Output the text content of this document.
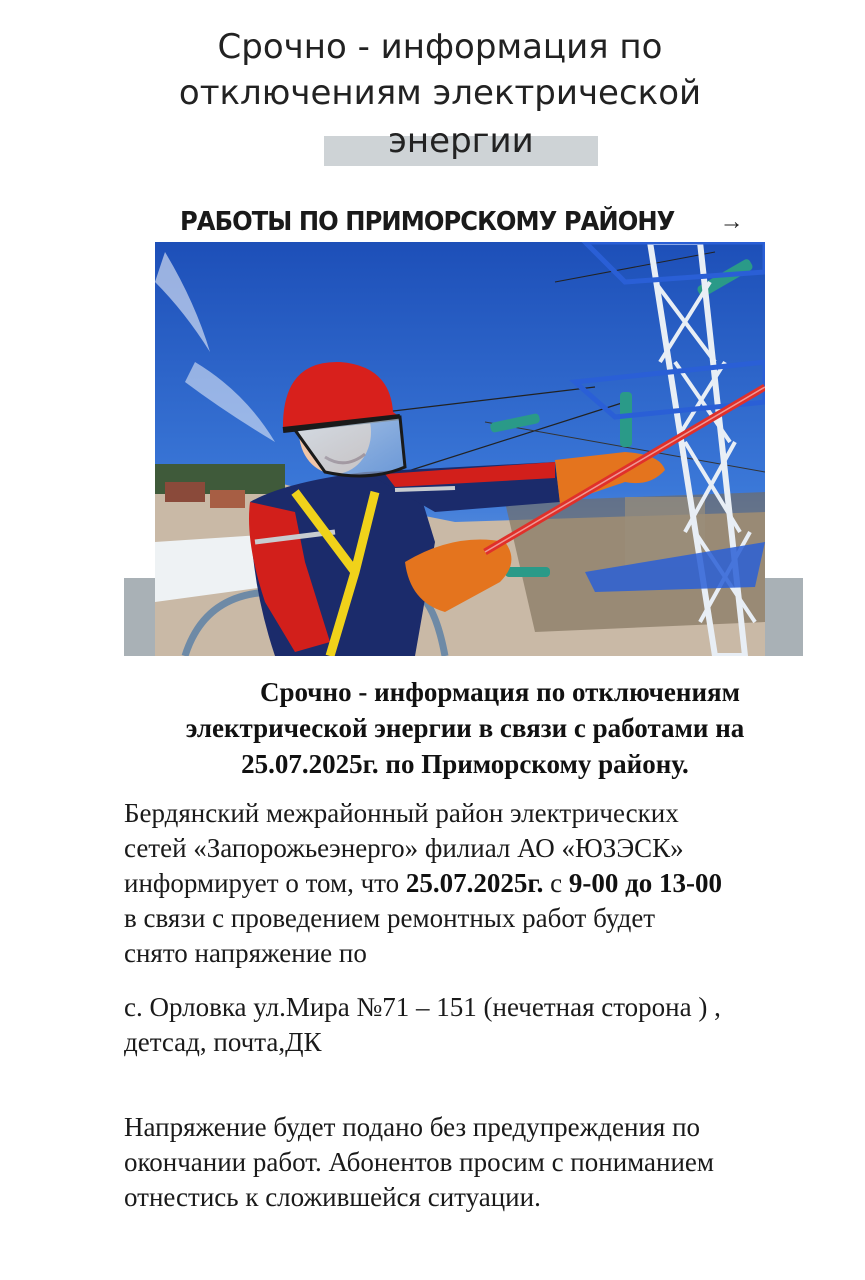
Срочно - информация по
отключениям электрической
энергии
РАБОТЫ ПО ПРИМОРСКОМУ РАЙОНУ →
Срочно - информация по отключениям
электрической энергии в связи с работами на
25.07.2025г. по Приморскому району.
Бердянский межрайонный район электрических
сетей «Запорожьеэнерго» филиал АО «ЮЗЭСК»
информирует о том, что 25.07.2025г. с 9-00 до 13-00
в связи с проведением ремонтных работ будет
снято напряжение по
с. Орловка ул.Мира №71 – 151 (нечетная сторона ) ,
детсад, почта,ДК
Напряжение будет подано без предупреждения по
окончании работ. Абонентов просим с пониманием
отнестись к сложившейся ситуации.
